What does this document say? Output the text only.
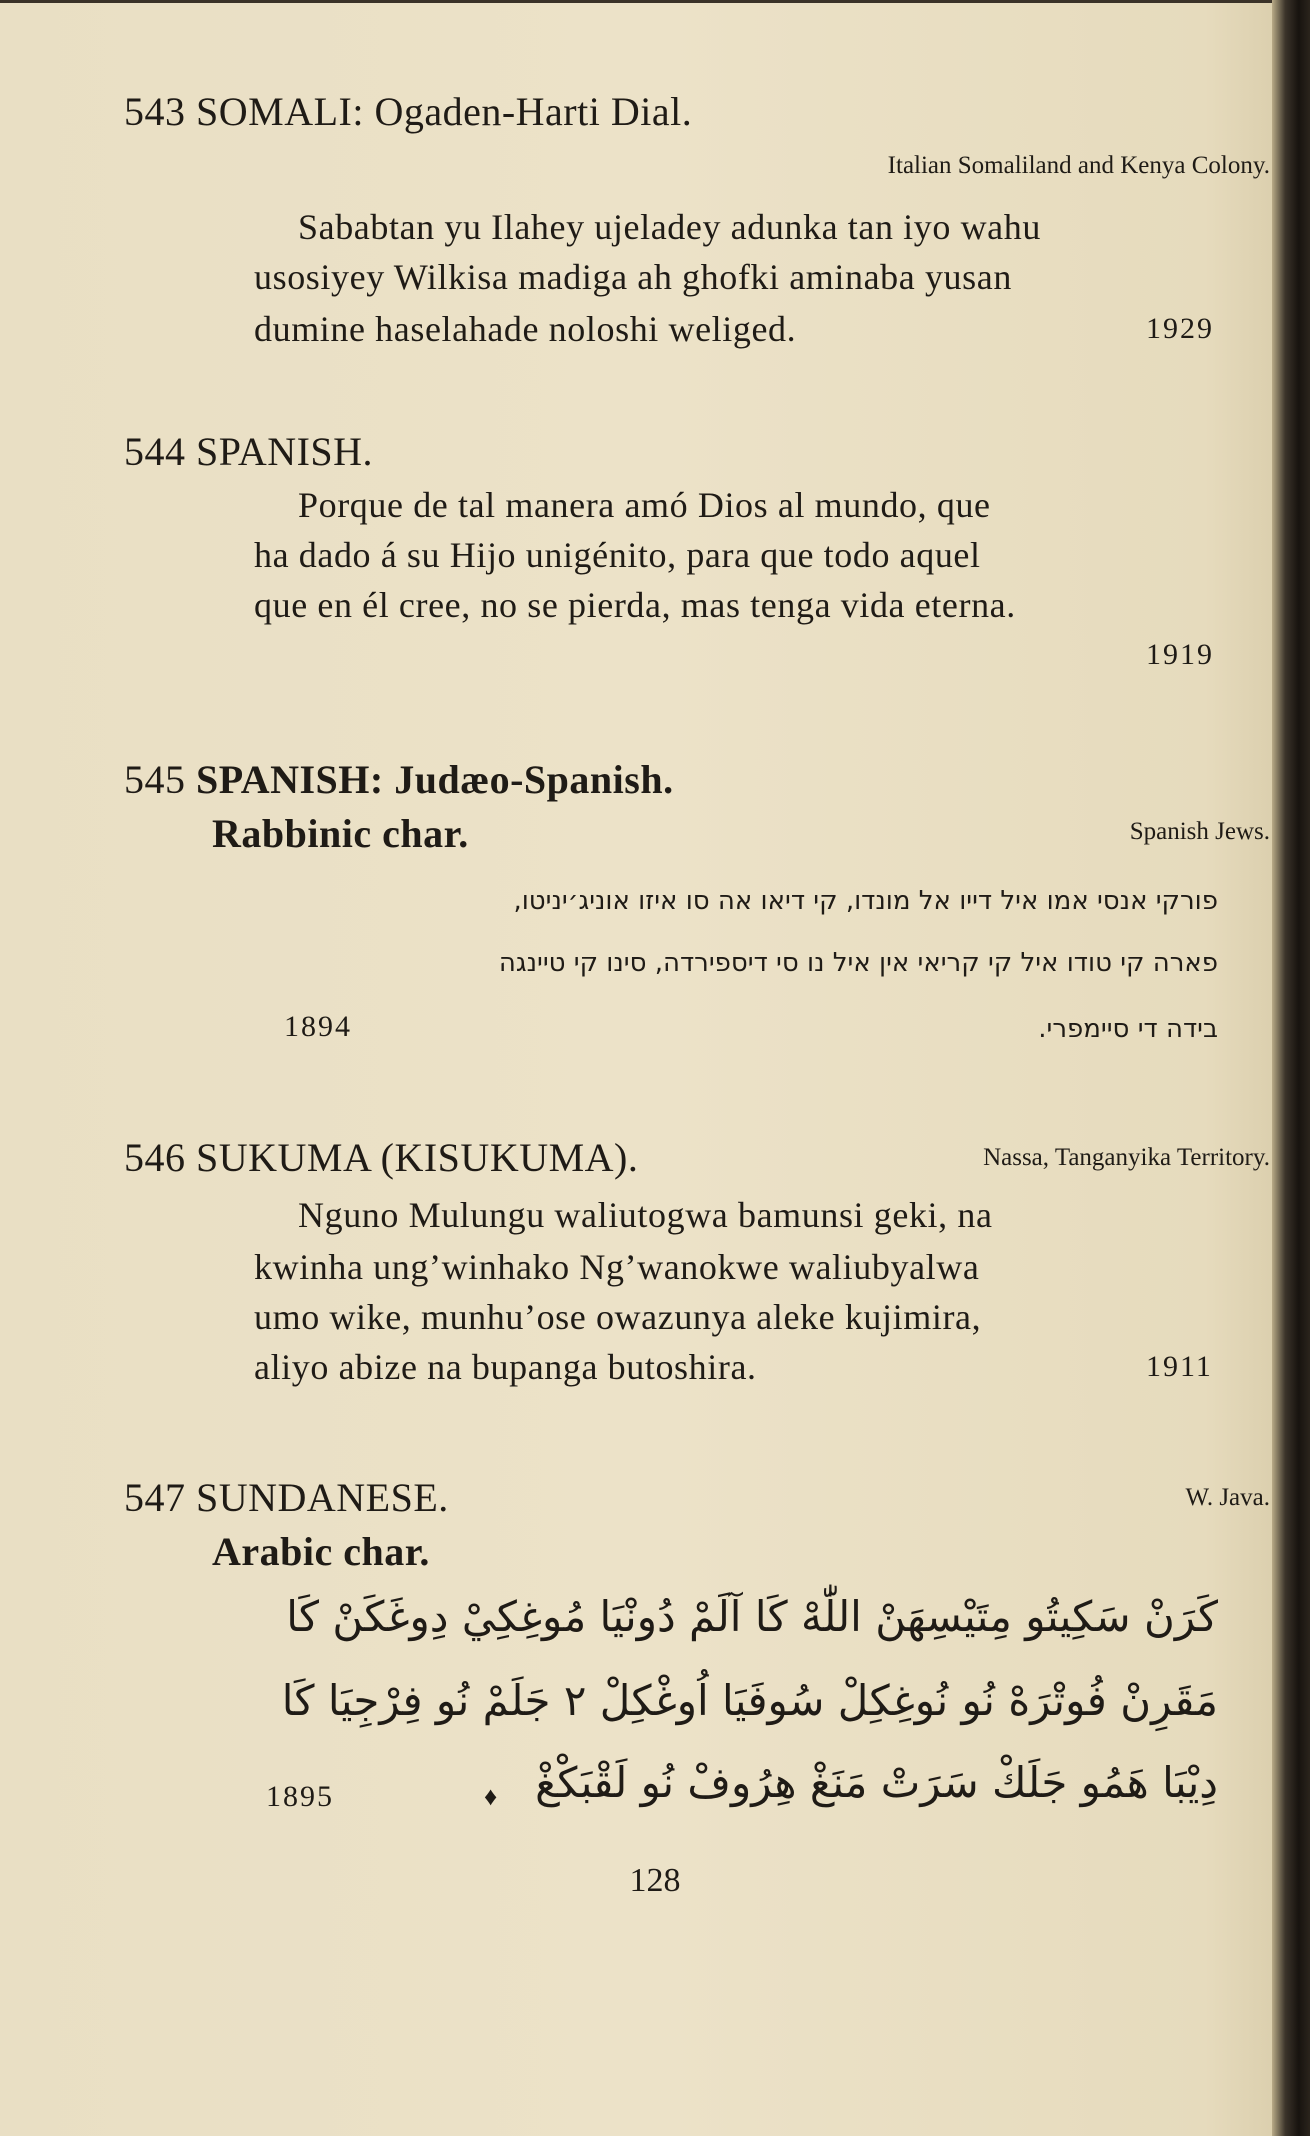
543 SOMALI: Ogaden-Harti Dial.
Italian Somaliland and Kenya Colony.
Sababtan yu Ilahey ujeladey adunka tan iyo wahu
usosiyey Wilkisa madiga ah ghofki aminaba yusan
dumine haselahade noloshi weliged.	1929
544 SPANISH.
Porque de tal manera amó Dios al mundo, que
ha dado á su Hijo unigénito, para que todo aquel
que en él cree, no se pierda, mas tenga vida eterna.
1919
545 SPANISH: Judæo-Spanish.
Rabbinic char.	Spanish Jews.
פורקי אנסי אמו איל דייו אל מונדו, קי דיאו אה סו איזו אוניג׳יניטו,
פארה קי טודו איל קי קריאי אין איל נו סי דיספירדה, סינו קי טיינגה
1894	בידה די סיימפרי.
546 SUKUMA (KISUKUMA).	Nassa, Tanganyika Territory.
Nguno Mulungu waliutogwa bamunsi geki, na
kwinha ung’winhako Ng’wanokwe waliubyalwa
umo wike, munhu’ose owazunya aleke kujimira,
aliyo abize na bupanga butoshira.	1911
547 SUNDANESE.
Arabic char.
W. Java.
كَرَنْ سَكِيتُو مِتَيْسِهَنْ اللّٰهْ كَا آلَمْ دُونْيَا مُوغِكِيْ دِوغَكَنْ كَا
مَقَرِنْ فُوتْرَهْ نُو نُوغِكِلْ سُوفَيَا اُوغْكِلْ ۲ جَلَمْ نُو فِرْجِيَا كَا
1895	♦ دِيْبَا هَمُو جَلَكْ سَرَتْ مَنَغْ هِرُوفْ نُو لَقْبَكْغْ
128
